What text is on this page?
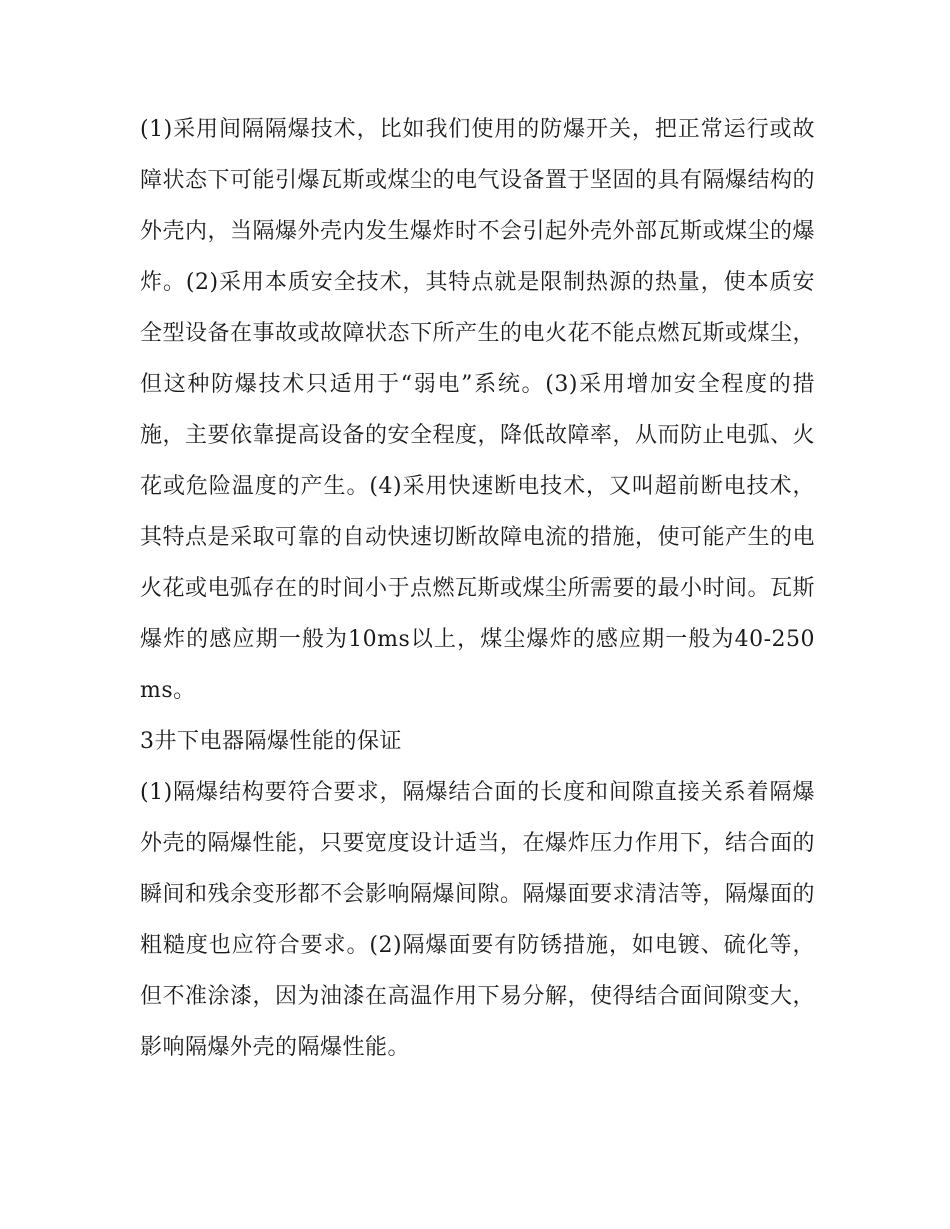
(1)采用间隔隔爆技术，比如我们使用的防爆开关，把正常运行或故障状态下可能引爆瓦斯或煤尘的电气设备置于坚固的具有隔爆结构的外壳内，当隔爆外壳内发生爆炸时不会引起外壳外部瓦斯或煤尘的爆炸。(2)采用本质安全技术，其特点就是限制热源的热量，使本质安全型设备在事故或故障状态下所产生的电火花不能点燃瓦斯或煤尘，但这种防爆技术只适用于“弱电”系统。(3)采用增加安全程度的措施，主要依靠提高设备的安全程度，降低故障率，从而防止电弧、火花或危险温度的产生。(4)采用快速断电技术，又叫超前断电技术，其特点是采取可靠的自动快速切断故障电流的措施，使可能产生的电火花或电弧存在的时间小于点燃瓦斯或煤尘所需要的最小时间。瓦斯爆炸的感应期一般为10ms以上，煤尘爆炸的感应期一般为40-250ms。

3井下电器隔爆性能的保证

(1)隔爆结构要符合要求，隔爆结合面的长度和间隙直接关系着隔爆外壳的隔爆性能，只要宽度设计适当，在爆炸压力作用下，结合面的瞬间和残余变形都不会影响隔爆间隙。隔爆面要求清洁等，隔爆面的粗糙度也应符合要求。(2)隔爆面要有防锈措施，如电镀、硫化等，但不准涂漆，因为油漆在高温作用下易分解，使得结合面间隙变大，影响隔爆外壳的隔爆性能。
